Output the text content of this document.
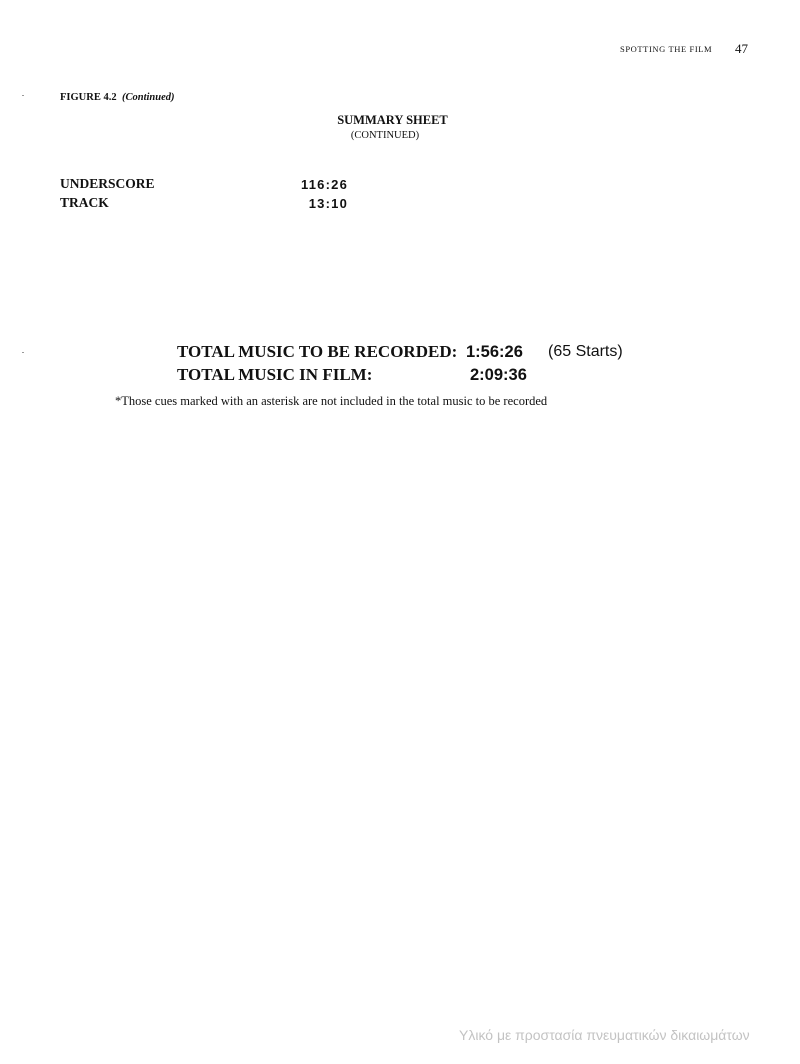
SPOTTING THE FILM 47
FIGURE 4.2 (Continued)
SUMMARY SHEET
(CONTINUED)
UNDERSCORE	116:26
TRACK	13:10
TOTAL MUSIC TO BE RECORDED: 1:56:26 (65 Starts)
TOTAL MUSIC IN FILM:	2:09:36
*Those cues marked with an asterisk are not included in the total music to be recorded
Υλικό με προστασία πνευματικών δικαιωμάτων
